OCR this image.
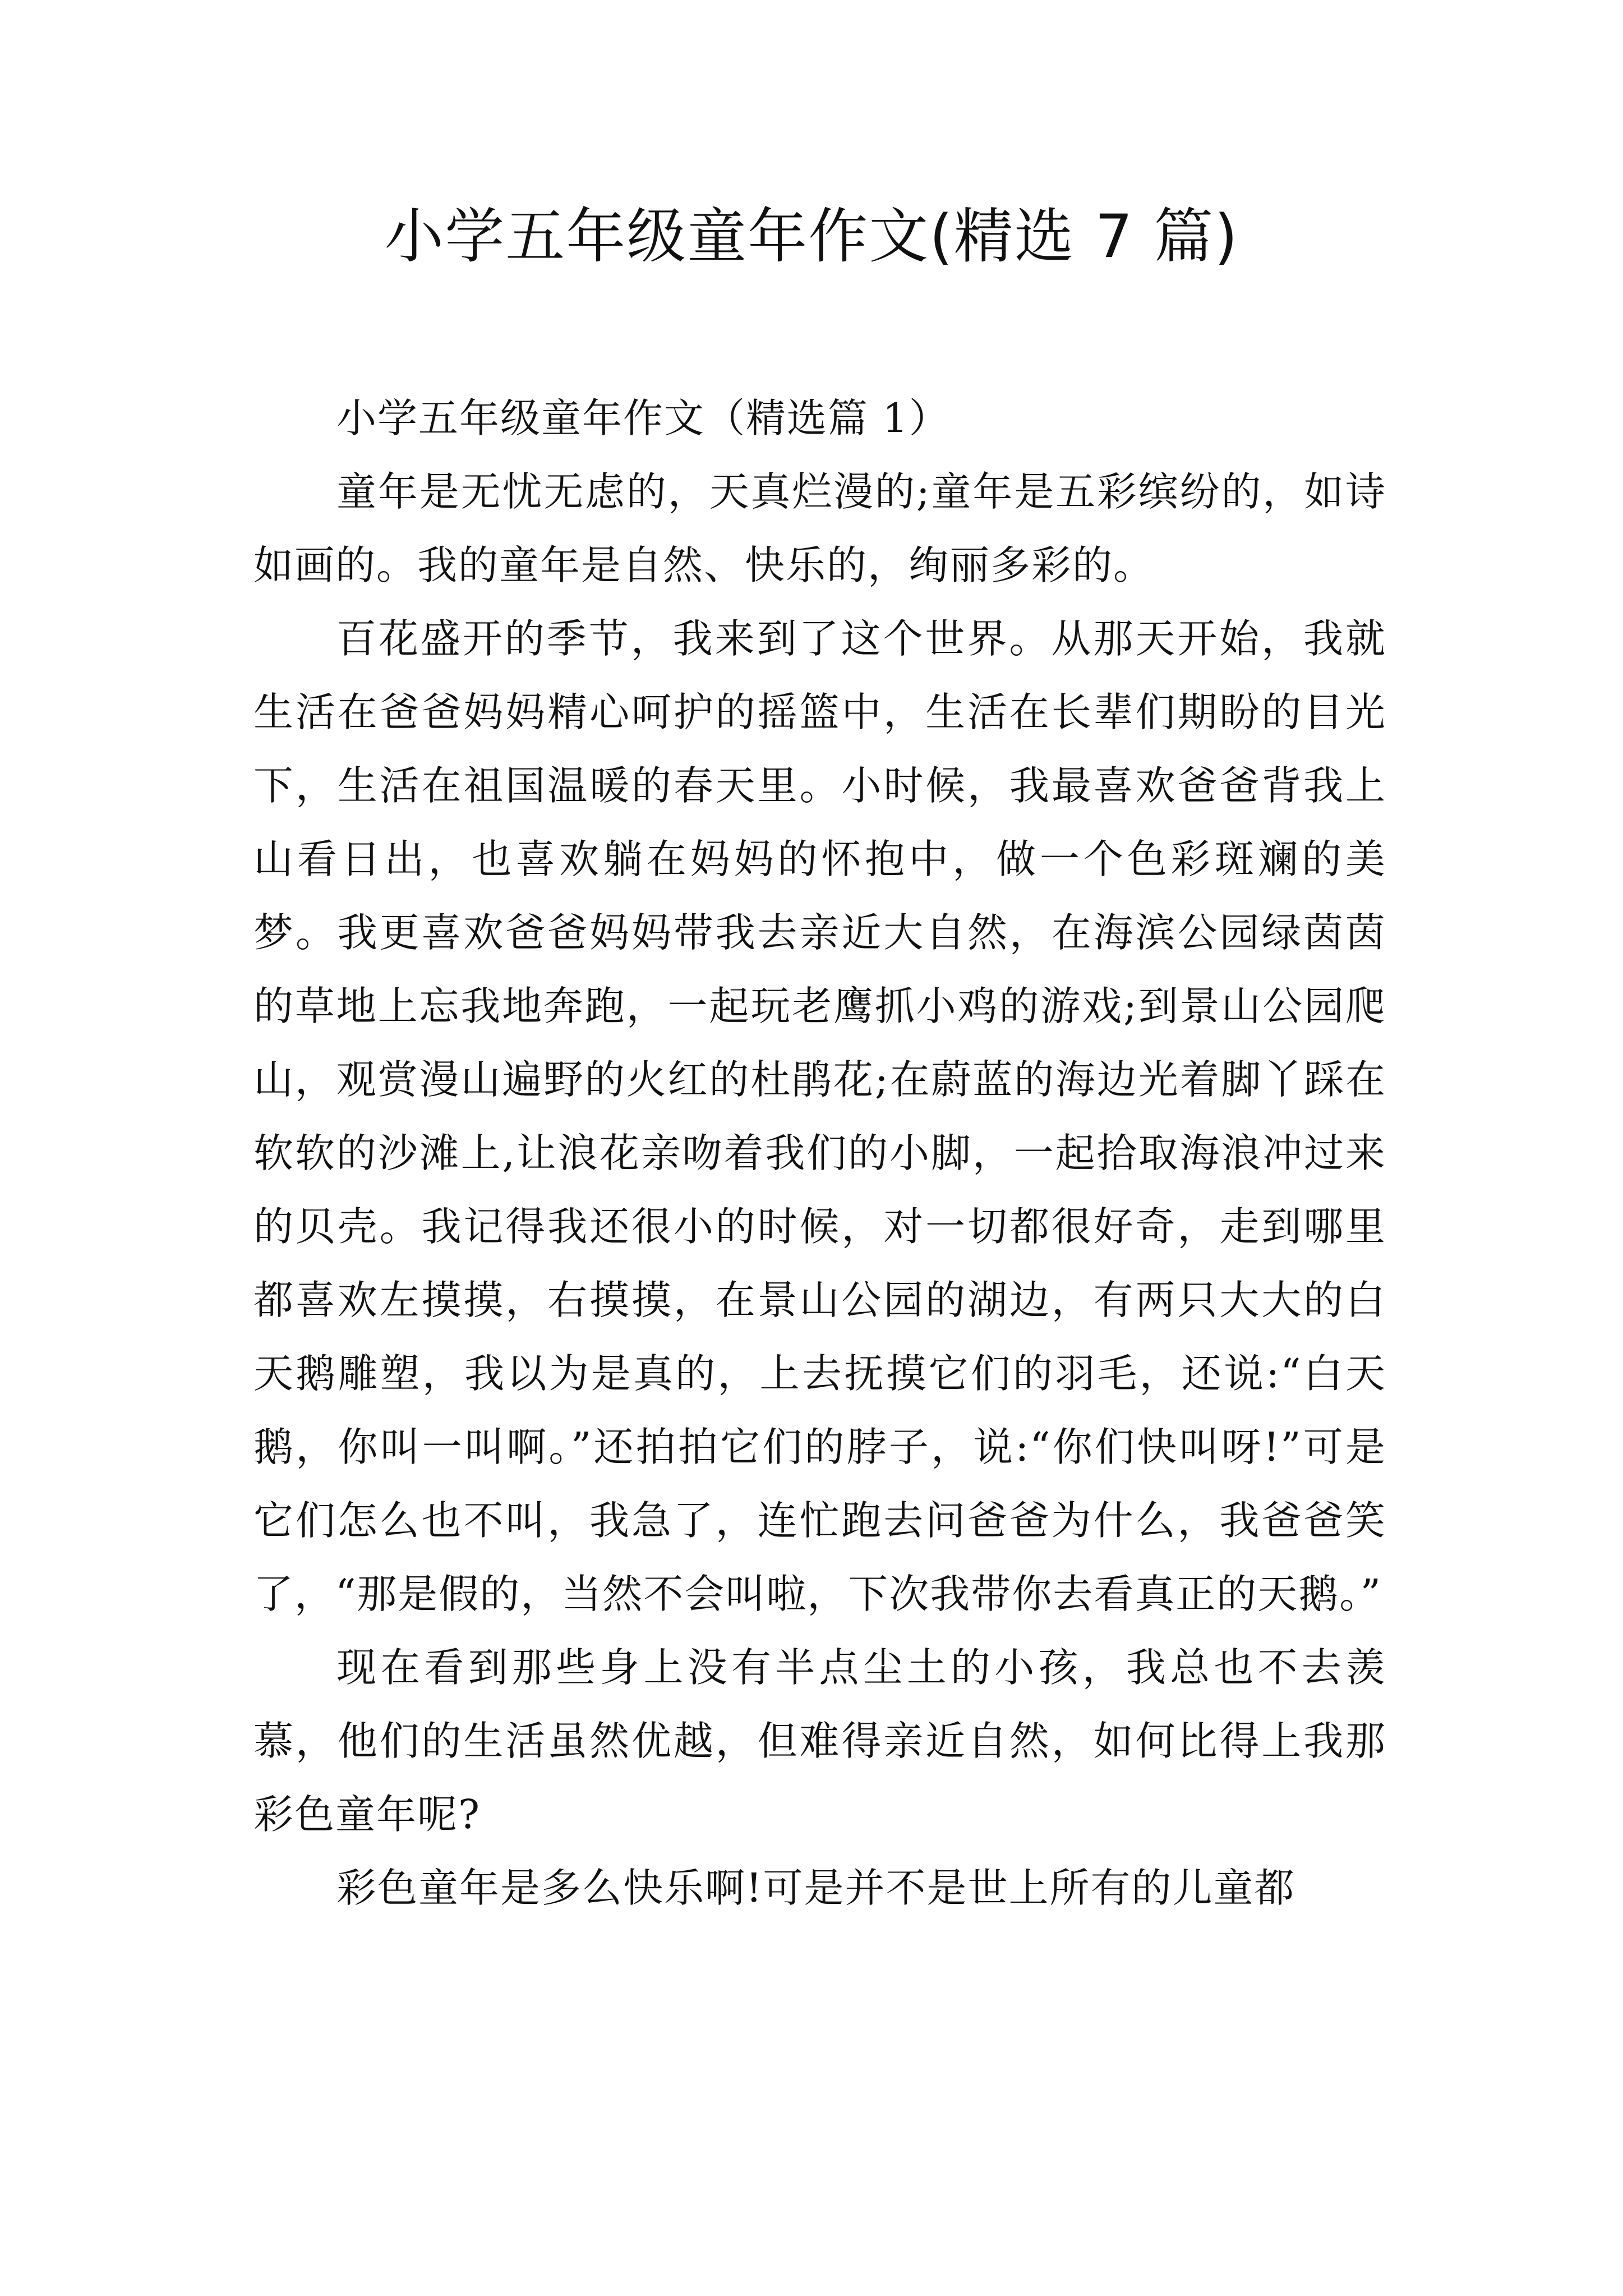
小学五年级童年作文(精选 7 篇)

小学五年级童年作文（精选篇 1）

童年是无忧无虑的，天真烂漫的;童年是五彩缤纷的，如诗如画的。我的童年是自然、快乐的，绚丽多彩的。

百花盛开的季节，我来到了这个世界。从那天开始，我就生活在爸爸妈妈精心呵护的摇篮中，生活在长辈们期盼的目光下，生活在祖国温暖的春天里。小时候，我最喜欢爸爸背我上山看日出，也喜欢躺在妈妈的怀抱中，做一个色彩斑斓的美梦。我更喜欢爸爸妈妈带我去亲近大自然，在海滨公园绿茵茵的草地上忘我地奔跑，一起玩老鹰抓小鸡的游戏;到景山公园爬山，观赏漫山遍野的火红的杜鹃花;在蔚蓝的海边光着脚丫踩在软软的沙滩上,让浪花亲吻着我们的小脚，一起拾取海浪冲过来的贝壳。我记得我还很小的时候，对一切都很好奇，走到哪里都喜欢左摸摸，右摸摸，在景山公园的湖边，有两只大大的白天鹅雕塑，我以为是真的，上去抚摸它们的羽毛，还说:“白天鹅，你叫一叫啊。”还拍拍它们的脖子，说:“你们快叫呀!”可是它们怎么也不叫，我急了，连忙跑去问爸爸为什么，我爸爸笑了，“那是假的，当然不会叫啦，下次我带你去看真正的天鹅。”

现在看到那些身上没有半点尘土的小孩，我总也不去羡慕，他们的生活虽然优越，但难得亲近自然，如何比得上我那彩色童年呢?

彩色童年是多么快乐啊!可是并不是世上所有的儿童都
